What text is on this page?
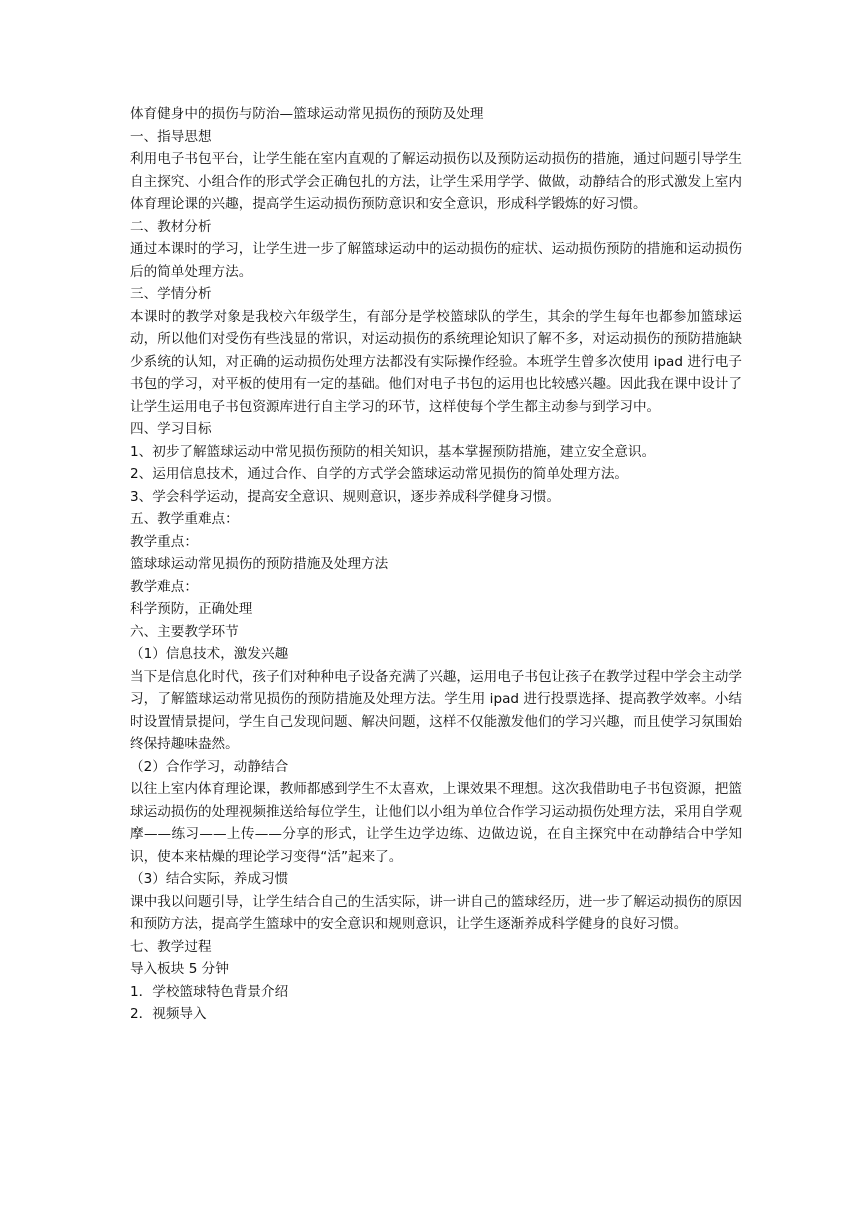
体育健身中的损伤与防治—篮球运动常见损伤的预防及处理

一、指导思想

利用电子书包平台，让学生能在室内直观的了解运动损伤以及预防运动损伤的措施，通过问题引导学生自主探究、小组合作的形式学会正确包扎的方法，让学生采用学学、做做，动静结合的形式激发上室内体育理论课的兴趣，提高学生运动损伤预防意识和安全意识，形成科学锻炼的好习惯。

二、教材分析

通过本课时的学习，让学生进一步了解篮球运动中的运动损伤的症状、运动损伤预防的措施和运动损伤后的简单处理方法。

三、学情分析

本课时的教学对象是我校六年级学生，有部分是学校篮球队的学生，其余的学生每年也都参加篮球运动，所以他们对受伤有些浅显的常识，对运动损伤的系统理论知识了解不多，对运动损伤的预防措施缺少系统的认知，对正确的运动损伤处理方法都没有实际操作经验。本班学生曾多次使用 ipad 进行电子书包的学习，对平板的使用有一定的基础。他们对电子书包的运用也比较感兴趣。因此我在课中设计了让学生运用电子书包资源库进行自主学习的环节，这样使每个学生都主动参与到学习中。

四、学习目标

1、初步了解篮球运动中常见损伤预防的相关知识，基本掌握预防措施，建立安全意识。

2、运用信息技术，通过合作、自学的方式学会篮球运动常见损伤的简单处理方法。

3、学会科学运动，提高安全意识、规则意识，逐步养成科学健身习惯。

五、教学重难点：

教学重点：

篮球球运动常见损伤的预防措施及处理方法

教学难点：

科学预防，正确处理

六、主要教学环节

（1）信息技术，激发兴趣

当下是信息化时代，孩子们对种种电子设备充满了兴趣，运用电子书包让孩子在教学过程中学会主动学习，了解篮球运动常见损伤的预防措施及处理方法。学生用 ipad 进行投票选择、提高教学效率。小结时设置情景提问，学生自己发现问题、解决问题，这样不仅能激发他们的学习兴趣，而且使学习氛围始终保持趣味盎然。

（2）合作学习，动静结合

以往上室内体育理论课，教师都感到学生不太喜欢，上课效果不理想。这次我借助电子书包资源，把篮球运动损伤的处理视频推送给每位学生，让他们以小组为单位合作学习运动损伤处理方法，采用自学观摩——练习——上传——分享的形式，让学生边学边练、边做边说，在自主探究中在动静结合中学知识，使本来枯燥的理论学习变得“活”起来了。

（3）结合实际，养成习惯

课中我以问题引导，让学生结合自己的生活实际，讲一讲自己的篮球经历，进一步了解运动损伤的原因和预防方法，提高学生篮球中的安全意识和规则意识，让学生逐渐养成科学健身的良好习惯。

七、教学过程

导入板块 5 分钟

1．学校篮球特色背景介绍

2．视频导入
